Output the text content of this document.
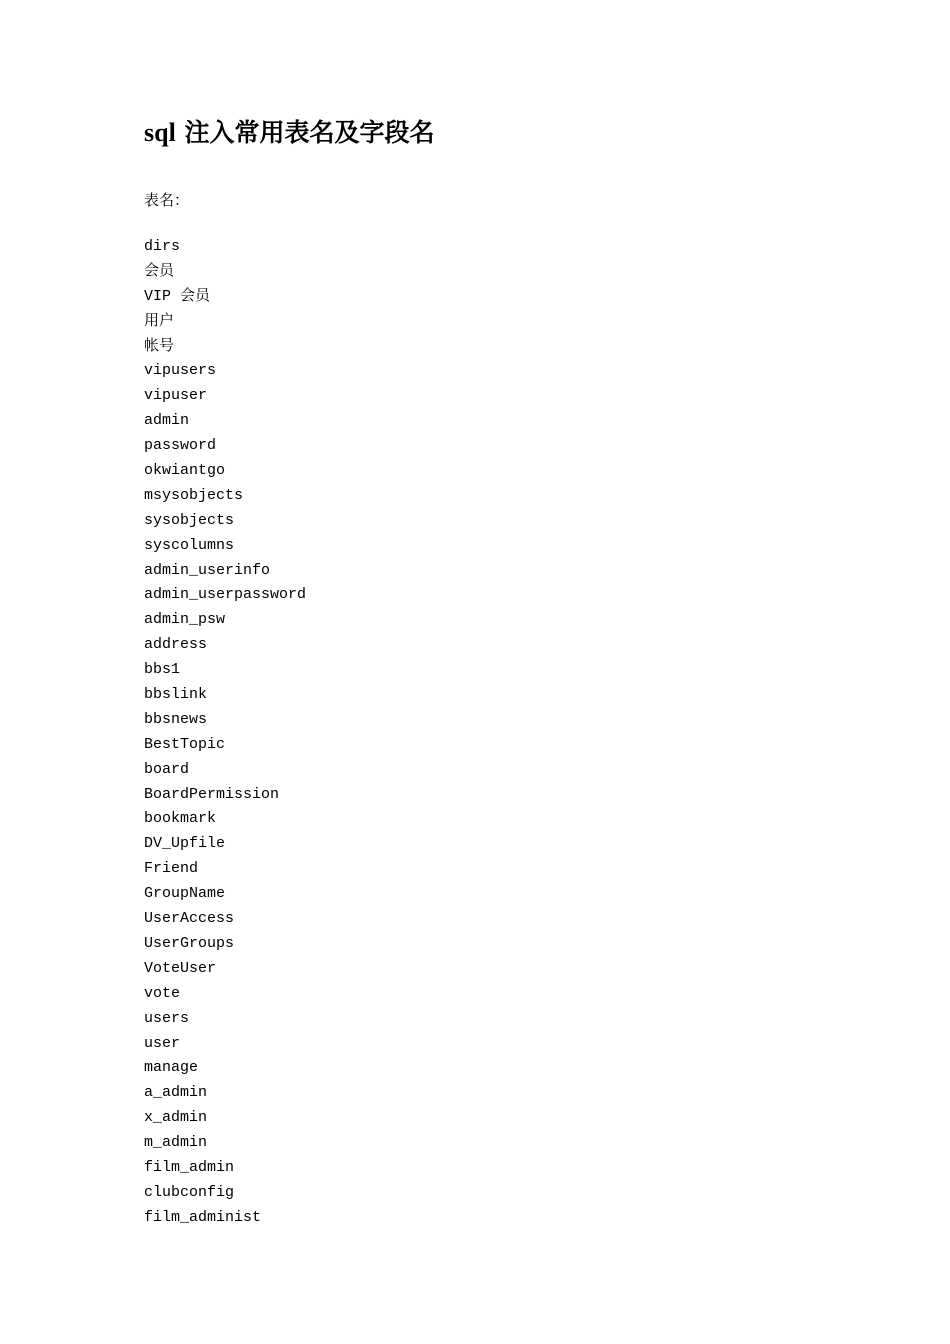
sql 注入常用表名及字段名

表名：

dirs
会员
VIP 会员
用户
帐号
vipusers
vipuser
admin
password
okwiantgo
msysobjects
sysobjects
syscolumns
admin_userinfo
admin_userpassword
admin_psw
address
bbs1
bbslink
bbsnews
BestTopic
board
BoardPermission
bookmark
DV_Upfile
Friend
GroupName
UserAccess
UserGroups
VoteUser
vote
users
user
manage
a_admin
x_admin
m_admin
film_admin
clubconfig
film_administ
